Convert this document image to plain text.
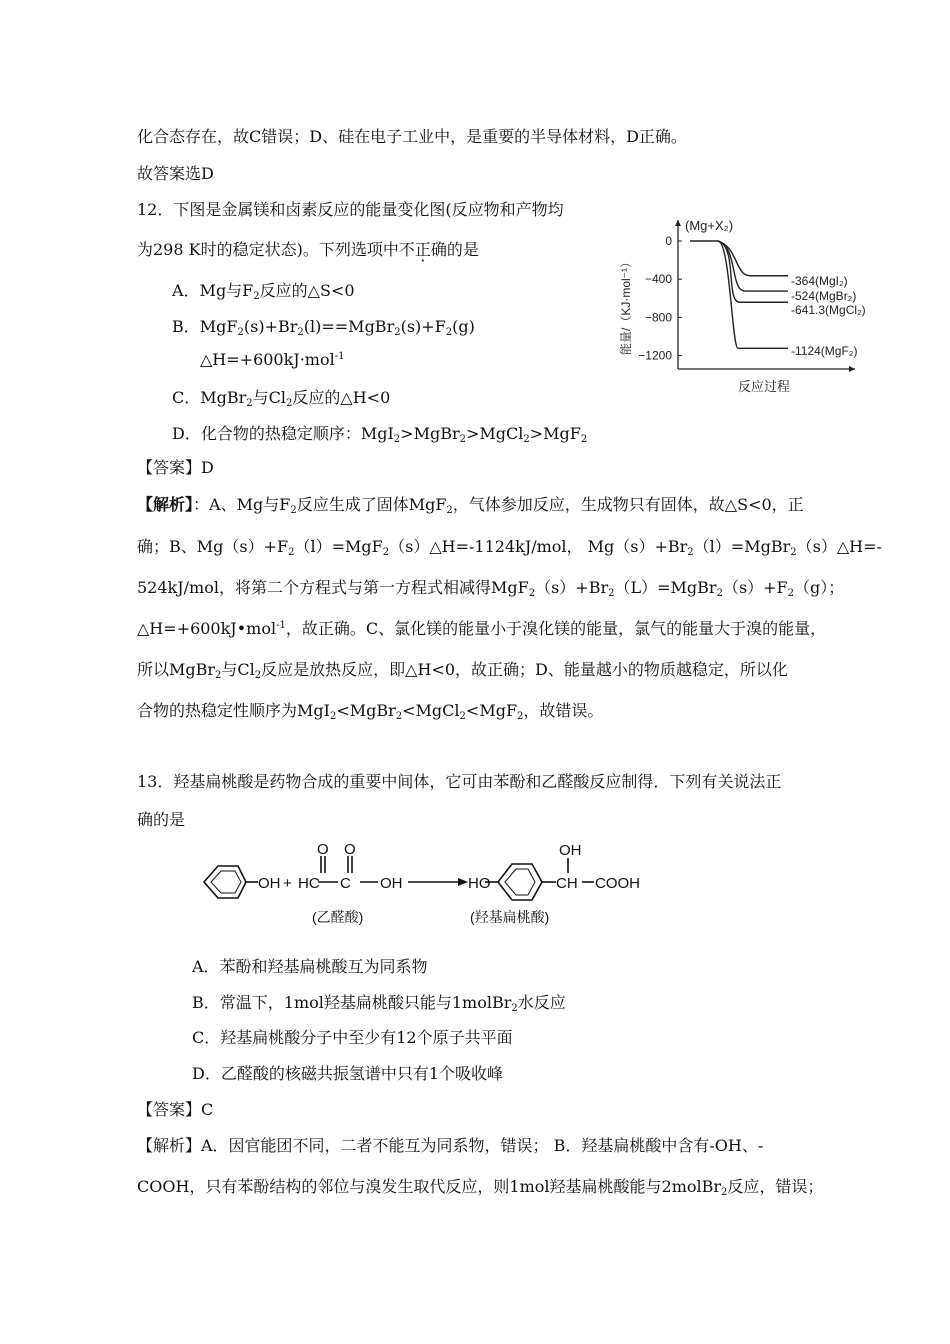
化合态存在，故C错误；D、硅在电子工业中，是重要的半导体材料，D正确。
故答案选D
12．下图是金属镁和卤素反应的能量变化图(反应物和产物均
为298 K时的稳定状态)。下列选项中不正确的是
A．Mg与$F_2$反应的△S<0
B．$MgF_2(s)+Br_2(l)==MgBr_2(s)+F_2(g)$
△H=+600kJ·mol$^{-1}$
C．MgBr$_2$与$Cl_2$反应的△H<0
D．化合物的热稳定顺序：MgI$_2$>MgBr$_2$>MgCl$_2$>MgF$_2$
【答案】D
【解析】：A、Mg与$F_2$反应生成了固体MgF$_2$，气体参加反应，生成物只有固体，故△S<0，正
确；B、$Mg(s)+F_2(l)=MgF_2(s)\triangle H=-1124kJ$/mol， $Mg(s)+Br_2(l)=MgBr_2(s)\triangle H=-$
524kJ/mol，将第二个方程式与第一方程式相减得$MgF_2(s)+Br_2(L)=MgBr_2(s)+F_2(g)$；
△H=+600kJ•mol$^{-1}$，故正确。C、氯化镁的能量小于溴化镁的能量，氯气的能量大于溴的能量，
所以MgBr$_2$与$Cl_2$反应是放热反应，即△H<0，故正确；D、能量越小的物质越稳定，所以化
合物的热稳定性顺序为MgI$_2$<MgBr$_2$<MgCl$_2$<MgF$_2$，故错误。
0
−400
−800
−1200
(Mg+X₂)
能量/（KJ·mol⁻¹）
反应过程
-364(MgI₂)
-524(MgBr₂)
-641.3(MgCl₂)
-1124(MgF₂)
13．羟基扁桃酸是药物合成的重要中间体，它可由苯酚和乙醛酸反应制得．下列有关说法正
确的是
OH + HC C OH
O O
HO	CH COOH
OH
(乙醛酸)	(羟基扁桃酸)
A．苯酚和羟基扁桃酸互为同系物
B．常温下，1mol羟基扁桃酸只能与1molBr$_2$水反应
C．羟基扁桃酸分子中至少有12个原子共平面
D．乙醛酸的核磁共振氢谱中只有1个吸收峰
【答案】C
【解析】A．因官能团不同，二者不能互为同系物，错误； B．羟基扁桃酸中含有-OH、-
COOH，只有苯酚结构的邻位与溴发生取代反应，则1mol羟基扁桃酸能与2molBr$_2$反应，错误；
